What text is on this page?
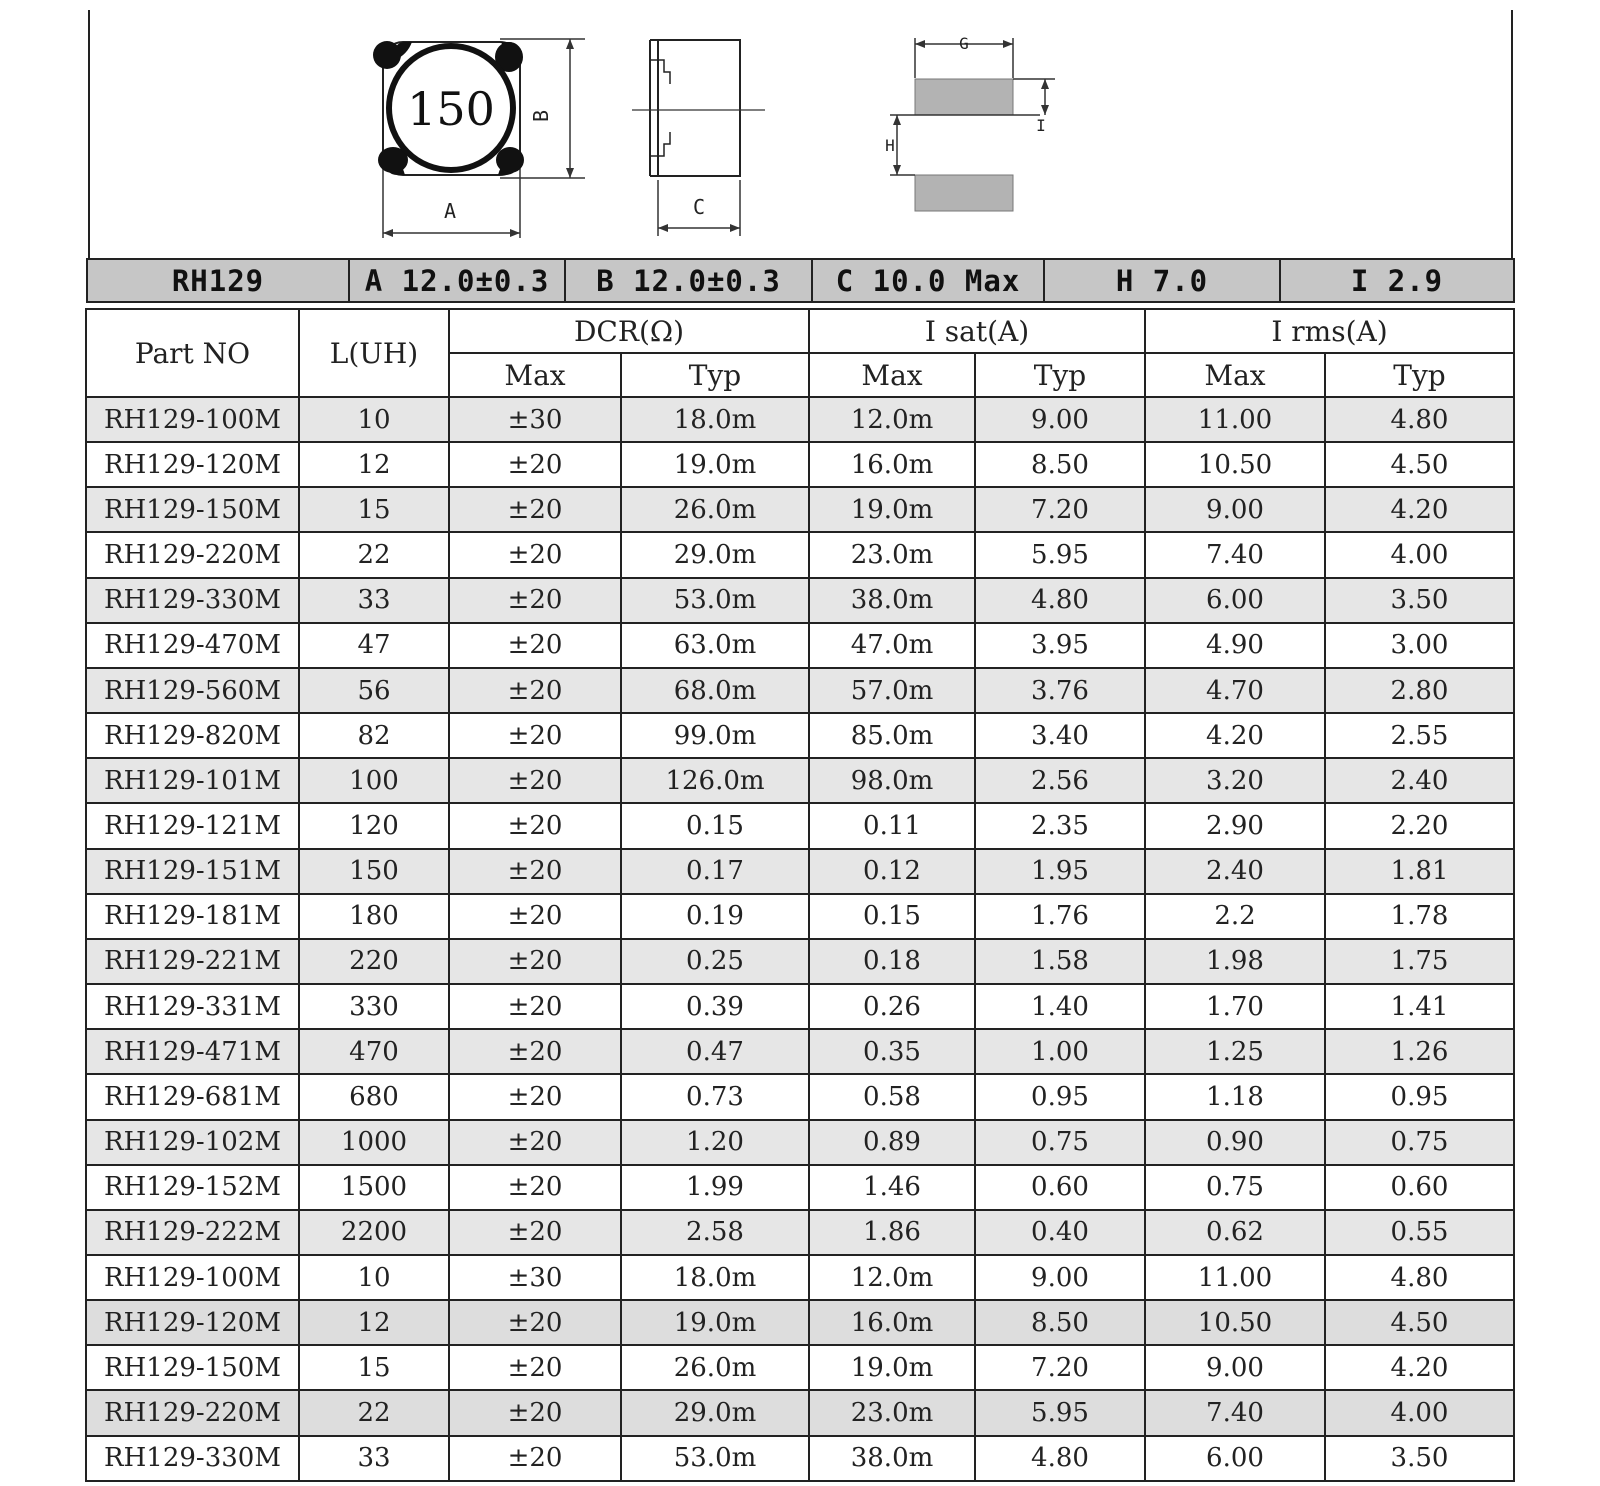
150
A
B
C
G
H
I
RH129	A 12.0±0.3	B 12.0±0.3	C 10.0 Max	H 7.0	I 2.9
Part NO	L(UH)	DCR(Ω)		I sat(A)		I rms(A)	
		Max	Typ	Max	Typ	Max	Typ
RH129-100M	10	±30	18.0m	12.0m	9.00	11.00	4.80
RH129-120M	12	±20	19.0m	16.0m	8.50	10.50	4.50
RH129-150M	15	±20	26.0m	19.0m	7.20	9.00	4.20
RH129-220M	22	±20	29.0m	23.0m	5.95	7.40	4.00
RH129-330M	33	±20	53.0m	38.0m	4.80	6.00	3.50
RH129-470M	47	±20	63.0m	47.0m	3.95	4.90	3.00
RH129-560M	56	±20	68.0m	57.0m	3.76	4.70	2.80
RH129-820M	82	±20	99.0m	85.0m	3.40	4.20	2.55
RH129-101M	100	±20	126.0m	98.0m	2.56	3.20	2.40
RH129-121M	120	±20	0.15	0.11	2.35	2.90	2.20
RH129-151M	150	±20	0.17	0.12	1.95	2.40	1.81
RH129-181M	180	±20	0.19	0.15	1.76	2.2	1.78
RH129-221M	220	±20	0.25	0.18	1.58	1.98	1.75
RH129-331M	330	±20	0.39	0.26	1.40	1.70	1.41
RH129-471M	470	±20	0.47	0.35	1.00	1.25	1.26
RH129-681M	680	±20	0.73	0.58	0.95	1.18	0.95
RH129-102M	1000	±20	1.20	0.89	0.75	0.90	0.75
RH129-152M	1500	±20	1.99	1.46	0.60	0.75	0.60
RH129-222M	2200	±20	2.58	1.86	0.40	0.62	0.55
RH129-100M	10	±30	18.0m	12.0m	9.00	11.00	4.80
RH129-120M	12	±20	19.0m	16.0m	8.50	10.50	4.50
RH129-150M	15	±20	26.0m	19.0m	7.20	9.00	4.20
RH129-220M	22	±20	29.0m	23.0m	5.95	7.40	4.00
RH129-330M	33	±20	53.0m	38.0m	4.80	6.00	3.50
